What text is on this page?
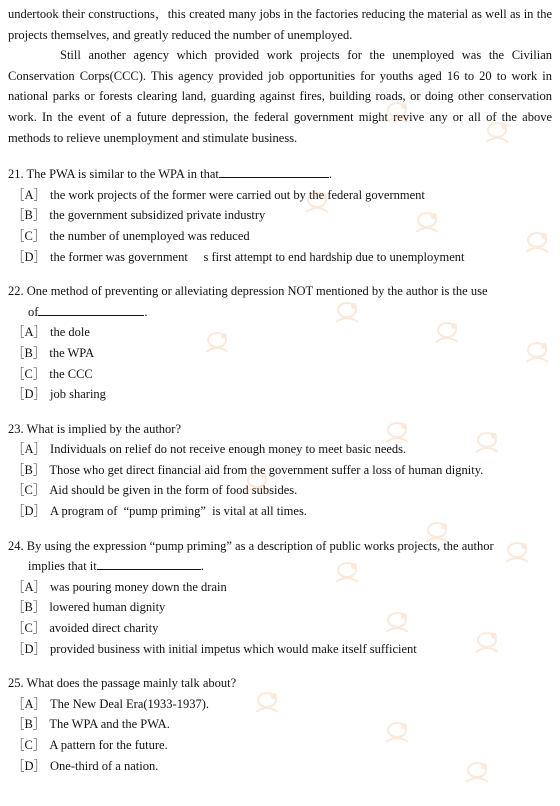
undertook their constructions，this created many jobs in the factories reducing the material as well as in the projects themselves, and greatly reduced the number of unemployed.

Still another agency which provided work projects for the unemployed was the Civilian Conservation Corps(CCC). This agency provided job opportunities for youths aged 16 to 20 to work in national parks or forests clearing land, guarding against fires, building roads, or doing other conservation work. In the event of a future depression, the federal government might revive any or all of the above methods to relieve unemployment and stimulate business.

21. The PWA is similar to the WPA in that	.

［A］ the work projects of the former were carried out by the federal government
［B］ the government subsidized private industry
［C］ the number of unemployed was reduced
［D］ the former was government     s first attempt to end hardship due to unemployment

22. One method of preventing or alleviating depression NOT mentioned by the author is the use
of	.

［A］ the dole
［B］ the WPA
［C］ the CCC
［D］ job sharing

23. What is implied by the author?

［A］ Individuals on relief do not receive enough money to meet basic needs.
［B］ Those who get direct financial aid from the government suffer a loss of human dignity.
［C］ Aid should be given in the form of food subsides.
［D］ A program of  “pump priming”  is vital at all times.

24. By using the expression “pump priming” as a description of public works projects, the author
implies that it	.

［A］ was pouring money down the drain
［B］ lowered human dignity
［C］ avoided direct charity
［D］ provided business with initial impetus which would make itself sufficient

25. What does the passage mainly talk about?

［A］ The New Deal Era(1933-1937).
［B］ The WPA and the PWA.
［C］ A pattern for the future.
［D］ One-third of a nation.
